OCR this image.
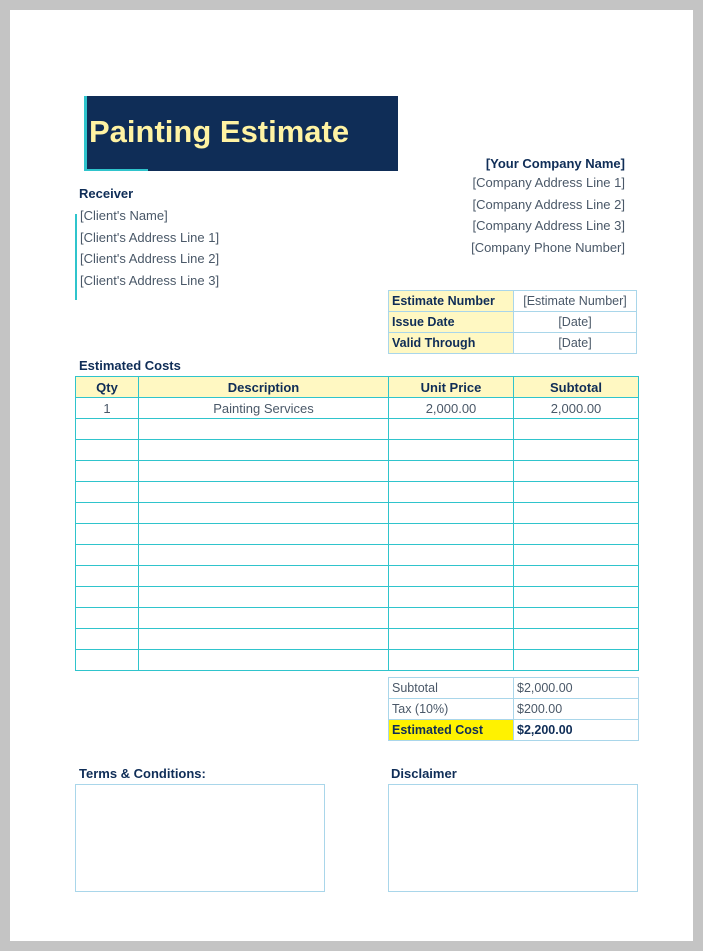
Painting Estimate
[Your Company Name]
[Company Address Line 1]
[Company Address Line 2]
[Company Address Line 3]
[Company Phone Number]
Receiver
[Client's Name]
[Client's Address Line 1]
[Client's Address Line 2]
[Client's Address Line 3]
Estimate Number	[Estimate Number]
Issue Date	[Date]
Valid Through	[Date]
Estimated Costs
Qty	Description	Unit Price	Subtotal
1	Painting Services	2,000.00	2,000.00

Subtotal	$2,000.00
Tax (10%)	$200.00
Estimated Cost	$2,200.00
Terms & Conditions:	Disclaimer
